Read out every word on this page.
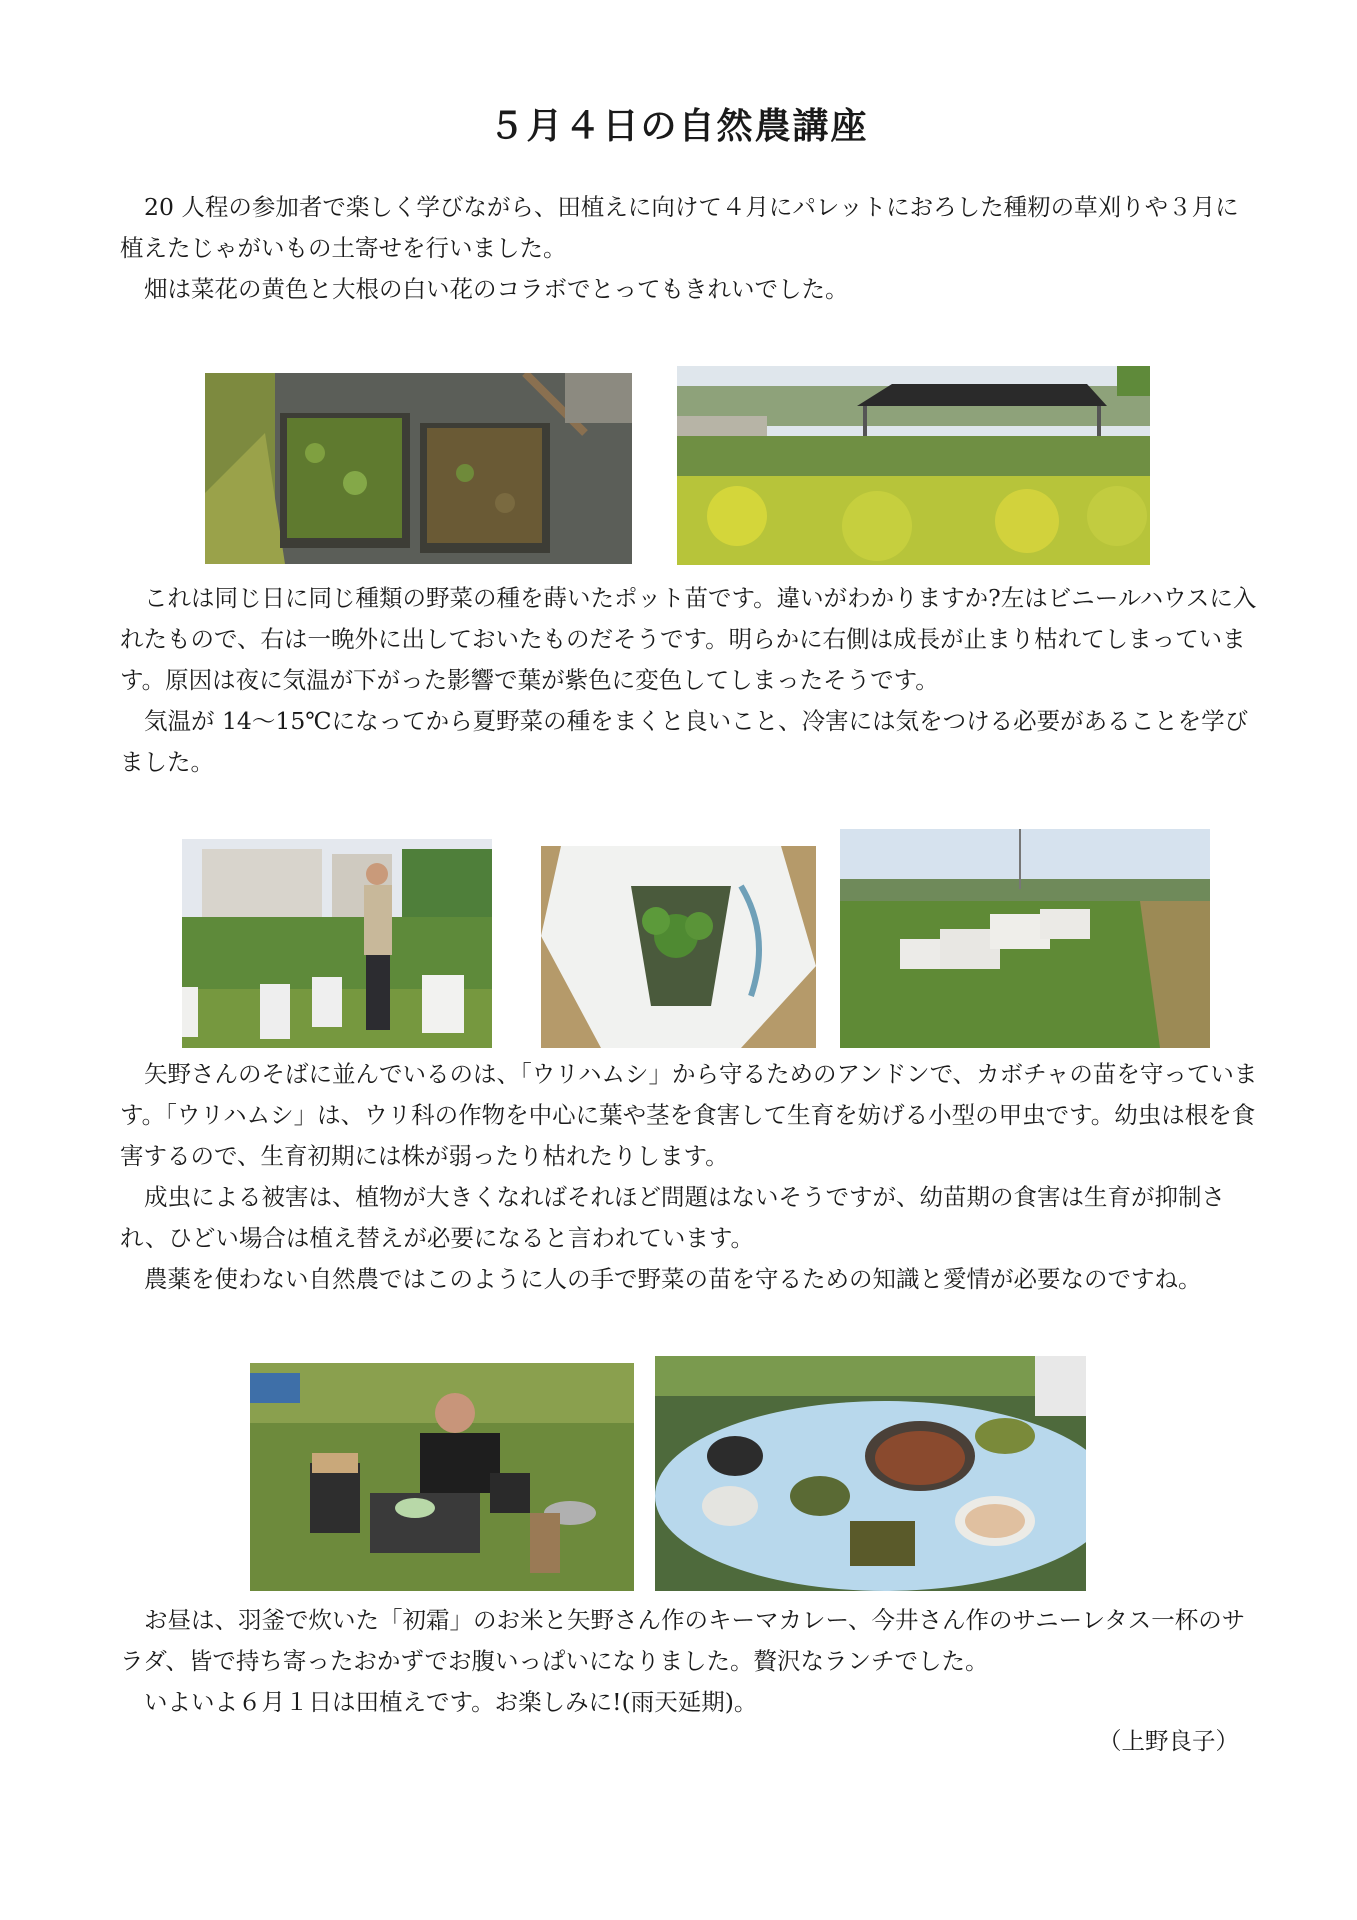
５月４日の自然農講座

20 人程の参加者で楽しく学びながら、田植えに向けて４月にパレットにおろした種籾の草刈りや３月に植えたじゃがいもの土寄せを行いました。

畑は菜花の黄色と大根の白い花のコラボでとってもきれいでした。

これは同じ日に同じ種類の野菜の種を蒔いたポット苗です。違いがわかりますか?左はビニールハウスに入れたもので、右は一晩外に出しておいたものだそうです。明らかに右側は成長が止まり枯れてしまっています。原因は夜に気温が下がった影響で葉が紫色に変色してしまったそうです。

気温が 14～15℃になってから夏野菜の種をまくと良いこと、冷害には気をつける必要があることを学びました。

矢野さんのそばに並んでいるのは、「ウリハムシ」から守るためのアンドンで、カボチャの苗を守っています。「ウリハムシ」は、ウリ科の作物を中心に葉や茎を食害して生育を妨げる小型の甲虫です。幼虫は根を食害するので、生育初期には株が弱ったり枯れたりします。

成虫による被害は、植物が大きくなればそれほど問題はないそうですが、幼苗期の食害は生育が抑制され、ひどい場合は植え替えが必要になると言われています。

農薬を使わない自然農ではこのように人の手で野菜の苗を守るための知識と愛情が必要なのですね。

お昼は、羽釜で炊いた「初霜」のお米と矢野さん作のキーマカレー、今井さん作のサニーレタス一杯のサラダ、皆で持ち寄ったおかずでお腹いっぱいになりました。贅沢なランチでした。

いよいよ６月１日は田植えです。お楽しみに!(雨天延期)。

（上野良子）
